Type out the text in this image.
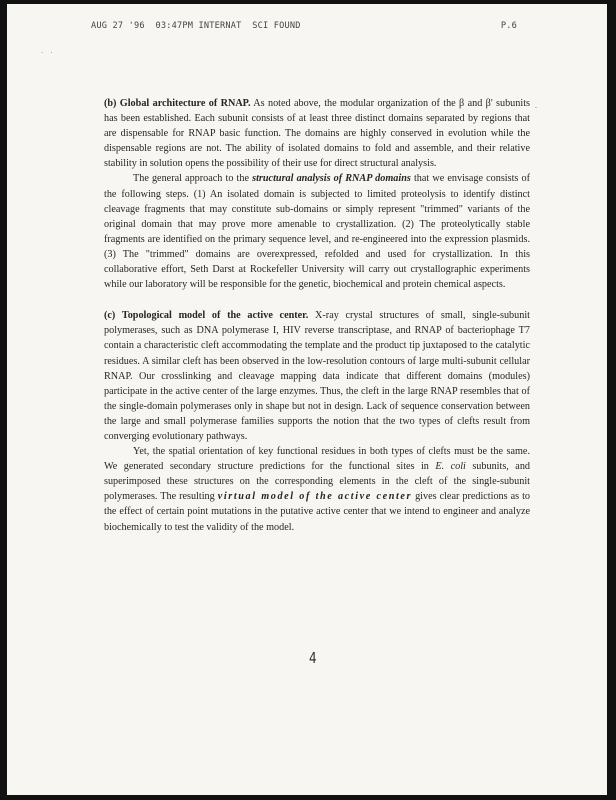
AUG 27 '96  03:47PM INTERNAT  SCI FOUND	P.6
·    ·
.

(b) Global architecture of RNAP. As noted above, the modular organization of the β and β' subunits has been established. Each subunit consists of at least three distinct domains separated by regions that are dispensable for RNAP basic function. The domains are highly conserved in evolution while the dispensable regions are not. The ability of isolated domains to fold and assemble, and their relative stability in solution opens the possibility of their use for direct structural analysis.

The general approach to the structural analysis of RNAP domains that we envisage consists of the following steps. (1) An isolated domain is subjected to limited proteolysis to identify distinct cleavage fragments that may constitute sub-domains or simply represent "trimmed" variants of the original domain that may prove more amenable to crystallization. (2) The proteolytically stable fragments are identified on the primary sequence level, and re-engineered into the expression plasmids. (3) The "trimmed" domains are overexpressed, refolded and used for crystallization. In this collaborative effort, Seth Darst at Rockefeller University will carry out crystallographic experiments while our laboratory will be responsible for the genetic, biochemical and protein chemical aspects.

(c) Topological model of the active center. X-ray crystal structures of small, single-subunit polymerases, such as DNA polymerase I, HIV reverse transcriptase, and RNAP of bacteriophage T7 contain a characteristic cleft accommodating the template and the product tip juxtaposed to the catalytic residues. A similar cleft has been observed in the low-resolution contours of large multi-subunit cellular RNAP. Our crosslinking and cleavage mapping data indicate that different domains (modules) participate in the active center of the large enzymes. Thus, the cleft in the large RNAP resembles that of the single-domain polymerases only in shape but not in design. Lack of sequence conservation between the large and small polymerase families supports the notion that the two types of clefts result from converging evolutionary pathways.

Yet, the spatial orientation of key functional residues in both types of clefts must be the same. We generated secondary structure predictions for the functional sites in E. coli subunits, and superimposed these structures on the corresponding elements in the cleft of the single-subunit polymerases. The resulting virtual model of the active center gives clear predictions as to the effect of certain point mutations in the putative active center that we intend to engineer and analyze biochemically to test the validity of the model.

4
